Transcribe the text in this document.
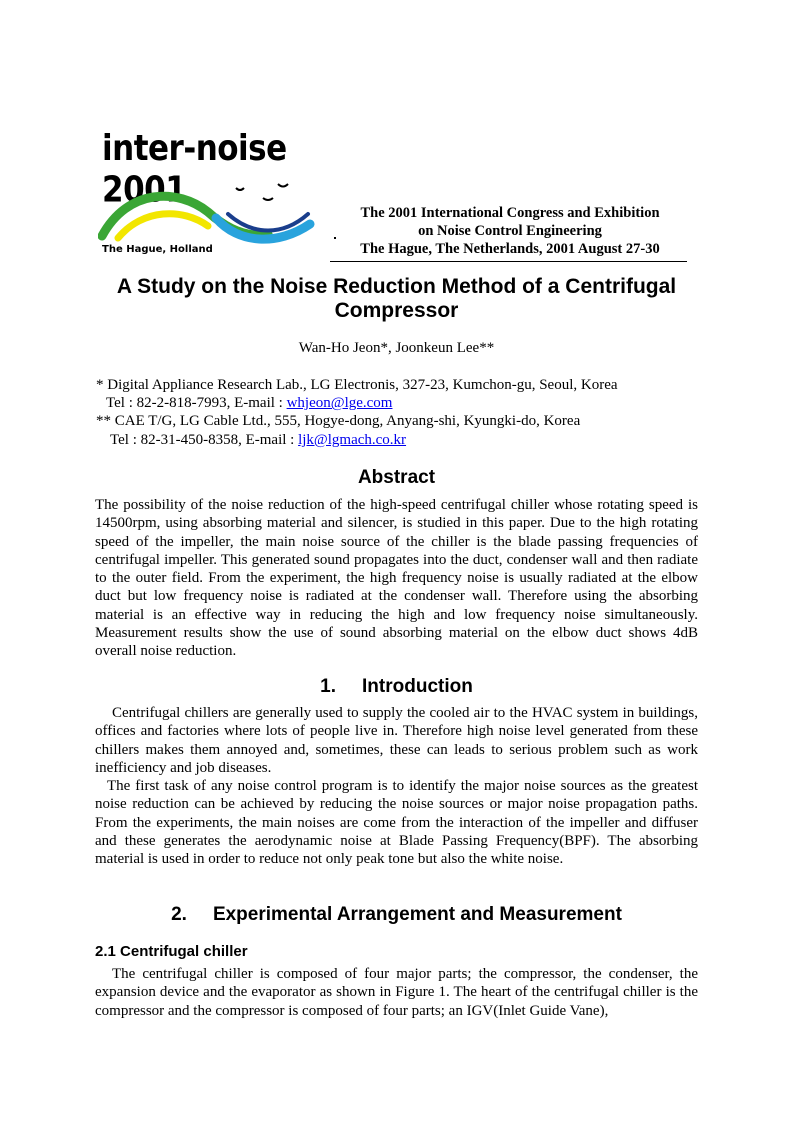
inter-noise 2001
The Hague, Holland
The 2001 International Congress and Exhibition
on Noise Control Engineering
The Hague, The Netherlands, 2001 August 27-30
A Study on the Noise Reduction Method of a Centrifugal
Compressor
Wan-Ho Jeon*, Joonkeun Lee**
* Digital Appliance Research Lab., LG Electronis, 327-23, Kumchon-gu, Seoul, Korea
Tel : 82-2-818-7993, E-mail : whjeon@lge.com
** CAE T/G, LG Cable Ltd., 555, Hogye-dong, Anyang-shi, Kyungki-do, Korea
Tel : 82-31-450-8358, E-mail : ljk@lgmach.co.kr
Abstract

The possibility of the noise reduction of the high-speed centrifugal chiller whose rotating speed is 14500rpm, using absorbing material and silencer, is studied in this paper. Due to the high rotating speed of the impeller, the main noise source of the chiller is the blade passing frequencies of centrifugal impeller. This generated sound propagates into the duct, condenser wall and then radiate to the outer field. From the experiment, the high frequency noise is usually radiated at the elbow duct but low frequency noise is radiated at the condenser wall. Therefore using the absorbing material is an effective way in reducing the high and low frequency noise simultaneously. Measurement results show the use of sound absorbing material on the elbow duct shows 4dB overall noise reduction.

1. Introduction

Centrifugal chillers are generally used to supply the cooled air to the HVAC system in buildings, offices and factories where lots of people live in. Therefore high noise level generated from these chillers makes them annoyed and, sometimes, these can leads to serious problem such as work inefficiency and job diseases.

The first task of any noise control program is to identify the major noise sources as the greatest noise reduction can be achieved by reducing the noise sources or major noise propagation paths. From the experiments, the main noises are come from the interaction of the impeller and diffuser and these generates the aerodynamic noise at Blade Passing Frequency(BPF). The absorbing material is used in order to reduce not only peak tone but also the white noise.

2. Experimental Arrangement and Measurement
2.1 Centrifugal chiller

The centrifugal chiller is composed of four major parts; the compressor, the condenser, the expansion device and the evaporator as shown in Figure 1. The heart of the centrifugal chiller is the compressor and the compressor is composed of four parts; an IGV(Inlet Guide Vane),
